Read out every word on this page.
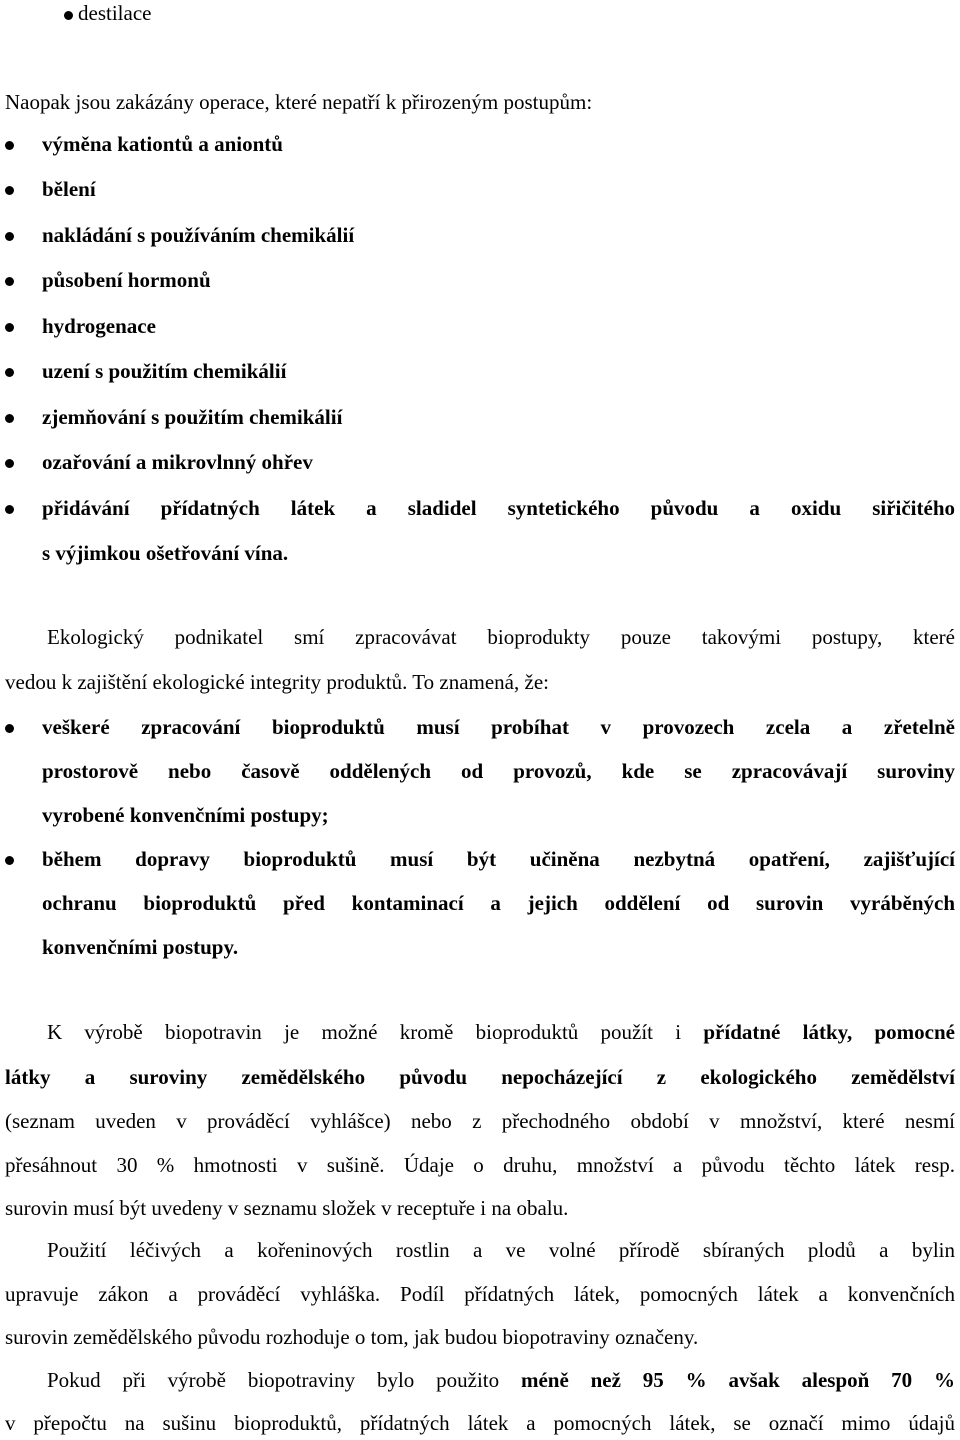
destilace
Naopak jsou zakázány operace, které nepatří k přirozeným postupům:
výměna kationtů a aniontů
bělení
nakládání s používáním chemikálií
působení hormonů
hydrogenace
uzení s použitím chemikálií
zjemňování s použitím chemikálií
ozařování a mikrovlnný ohřev
přidávání přídatných látek a sladidel syntetického původu a oxidu siřičitého
s výjimkou ošetřování vína.
Ekologický podnikatel smí zpracovávat bioprodukty pouze takovými postupy, které
vedou k zajištění ekologické integrity produktů. To znamená, že:
veškeré zpracování bioproduktů musí probíhat v provozech zcela a zřetelně
prostorově nebo časově oddělených od provozů, kde se zpracovávají suroviny
vyrobené konvenčními postupy;
během dopravy bioproduktů musí být učiněna nezbytná opatření, zajišťující
ochranu bioproduktů před kontaminací a jejich oddělení od surovin vyráběných
konvenčními postupy.
K výrobě biopotravin je možné kromě bioproduktů použít i přídatné látky, pomocné
látky a suroviny zemědělského původu nepocházející z ekologického zemědělství
(seznam uveden v prováděcí vyhlášce) nebo z přechodného období v množství, které nesmí
přesáhnout 30 % hmotnosti v sušině. Údaje o druhu, množství a původu těchto látek resp.
surovin musí být uvedeny v seznamu složek v receptuře i na obalu.
Použití léčivých a kořeninových rostlin a ve volné přírodě sbíraných plodů a bylin
upravuje zákon a prováděcí vyhláška. Podíl přídatných látek, pomocných látek a konvenčních
surovin zemědělského původu rozhoduje o tom, jak budou biopotraviny označeny.
Pokud při výrobě biopotraviny bylo použito méně než 95 % avšak alespoň 70 %
v přepočtu na sušinu bioproduktů, přídatných látek a pomocných látek, se označí mimo údajů
